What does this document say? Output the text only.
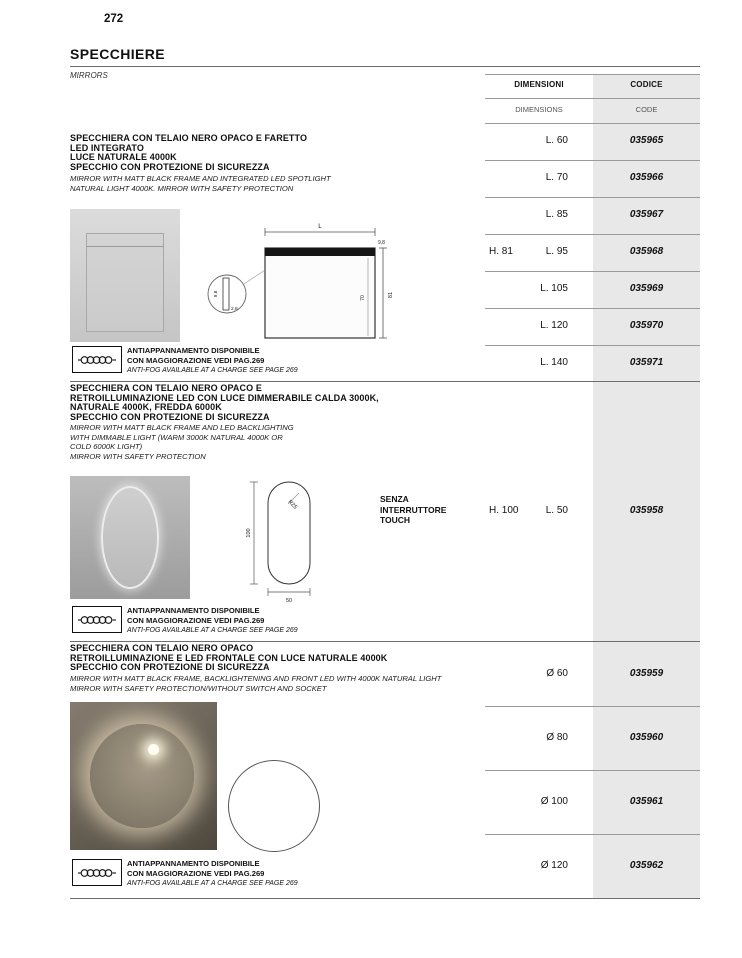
272
SPECCHIERE
MIRRORS
DIMENSIONI	CODICE
DIMENSIONS	CODE
SPECCHIERA CON TELAIO NERO OPACO E FARETTO
LED INTEGRATO
LUCE NATURALE 4000K
SPECCHIO CON PROTEZIONE DI SICUREZZA
MIRROR WITH MATT BLACK FRAME AND INTEGRATED LED SPOTLIGHT
NATURAL LIGHT 4000K. MIRROR WITH SAFETY PROTECTION
L
9,8
81
70
9,8
2,8
ANTIAPPANNAMENTO DISPONIBILE
CON MAGGIORAZIONE VEDI PAG.269
ANTI-FOG AVAILABLE AT A CHARGE SEE PAGE 269
H. 81
L. 60	035965
L. 70	035966
L. 85	035967
L. 95	035968
L. 105	035969
L. 120	035970
L. 140	035971
SPECCHIERA CON TELAIO NERO OPACO E
RETROILLUMINAZIONE LED CON LUCE DIMMERABILE CALDA 3000K,
NATURALE 4000K, FREDDA 6000K
SPECCHIO CON PROTEZIONE DI SICUREZZA
MIRROR WITH MATT BLACK FRAME AND LED BACKLIGHTING
WITH DIMMABLE LIGHT (WARM 3000K NATURAL 4000K OR
COLD 6000K LIGHT)
MIRROR WITH SAFETY PROTECTION
100
50
R25
SENZA
INTERRUTTORE
TOUCH
H. 100	L. 50	035958
ANTIAPPANNAMENTO DISPONIBILE
CON MAGGIORAZIONE VEDI PAG.269
ANTI-FOG AVAILABLE AT A CHARGE SEE PAGE 269
SPECCHIERA CON TELAIO NERO OPACO
RETROILLUMINAZIONE E LED FRONTALE CON LUCE NATURALE 4000K
SPECCHIO CON PROTEZIONE DI SICUREZZA
MIRROR WITH MATT BLACK FRAME, BACKLIGHTENING AND FRONT LED WITH 4000K NATURAL LIGHT
MIRROR WITH SAFETY PROTECTION/WITHOUT SWITCH AND SOCKET
Ø 60	035959
Ø 80	035960
Ø 100	035961
Ø 120	035962
ANTIAPPANNAMENTO DISPONIBILE
CON MAGGIORAZIONE VEDI PAG.269
ANTI-FOG AVAILABLE AT A CHARGE SEE PAGE 269
